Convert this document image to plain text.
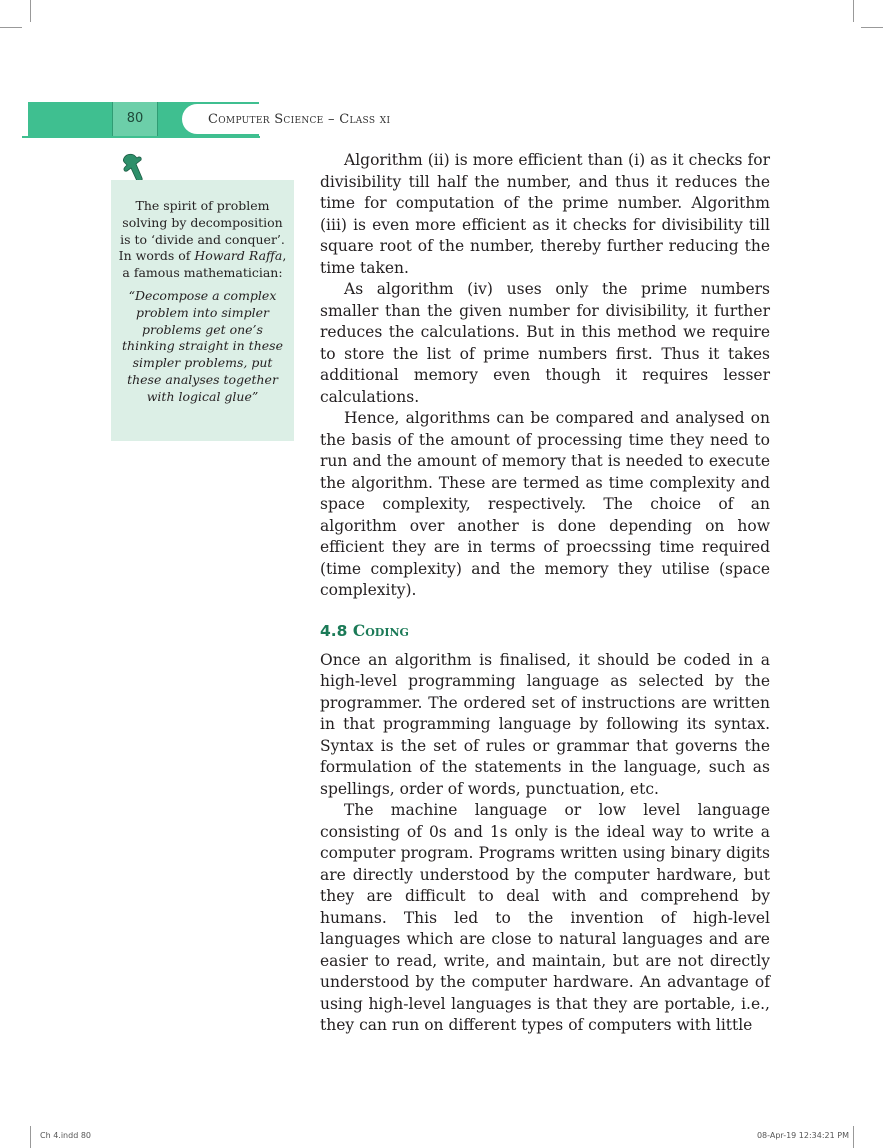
80	Computer Science – Class xi

The spirit of problem solving by decomposition is to ‘divide and conquer’. In words of Howard Raffa, a famous mathematician:

“Decompose a complex problem into simpler problems get one’s thinking straight in these simpler problems, put these analyses together with logical glue”

Algorithm (ii) is more efficient than (i) as it checks for divisibility till half the number, and thus it reduces the time for computation of the prime number. Algorithm (iii) is even more efficient as it checks for divisibility till square root of the number, thereby further reducing the time taken.

As algorithm (iv) uses only the prime numbers smaller than the given number for divisibility, it further reduces the calculations. But in this method we require to store the list of prime numbers first. Thus it takes additional memory even though it requires lesser calculations.

Hence, algorithms can be compared and analysed on the basis of the amount of processing time they need to run and the amount of memory that is needed to execute the algorithm. These are termed as time complexity and space complexity, respectively. The choice of an algorithm over another is done depending on how efficient they are in terms of proecssing time required (time complexity) and the memory they utilise (space complexity).

4.8 Coding

Once an algorithm is finalised, it should be coded in a high-level programming language as selected by the programmer. The ordered set of instructions are written in that programming language by following its syntax. Syntax is the set of rules or grammar that governs the formulation of the statements in the language, such as spellings, order of words, punctuation, etc.

The machine language or low level language consisting of 0s and 1s only is the ideal way to write a computer program. Programs written using binary digits are directly understood by the computer hardware, but they are difficult to deal with and comprehend by humans. This led to the invention of high-level languages which are close to natural languages and are easier to read, write, and maintain, but are not directly understood by the computer hardware. An advantage of using high-level languages is that they are portable, i.e., they can run on different types of computers with little

Ch 4.indd 80	08-Apr-19 12:34:21 PM
